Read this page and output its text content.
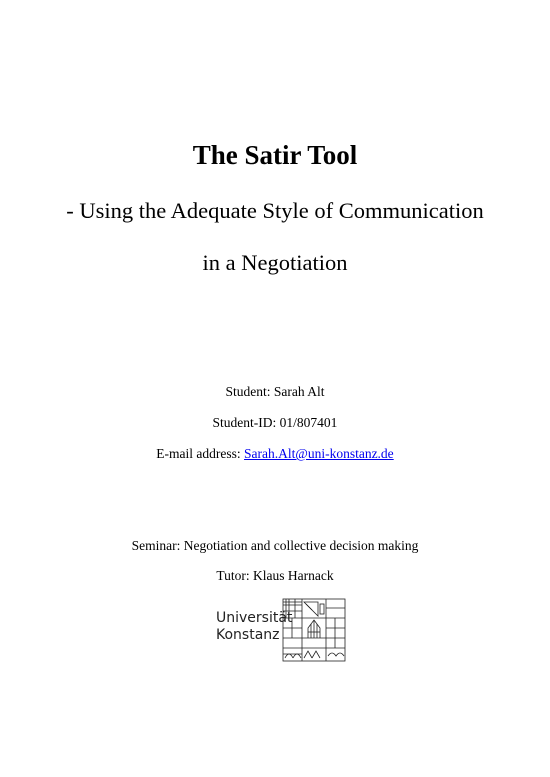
The Satir Tool
- Using the Adequate Style of Communication
in a Negotiation
Student: Sarah Alt
Student-ID: 01/807401
E-mail address: Sarah.Alt@uni-konstanz.de
Seminar: Negotiation and collective decision making
Tutor: Klaus Harnack
Universität
Konstanz
